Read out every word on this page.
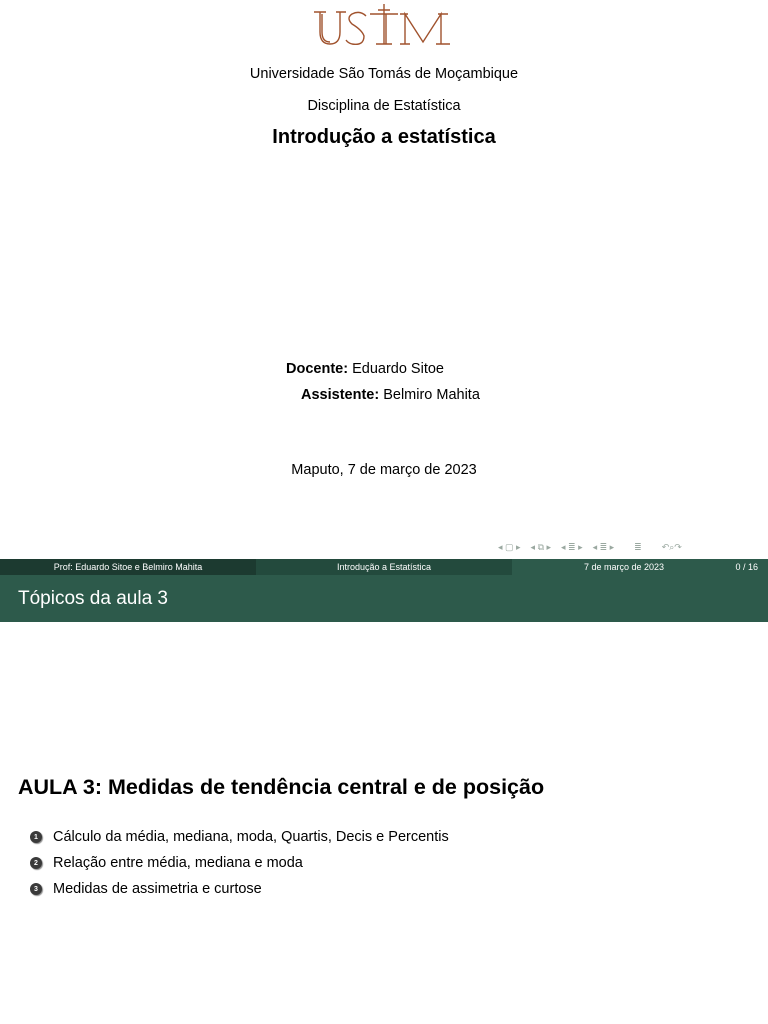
Universidade São Tomás de Moçambique
Disciplina de Estatística
Introdução a estatística
Docente: Eduardo Sitoe
Assistente: Belmiro Mahita
Maputo, 7 de março de 2023
◂ ▢ ▸ ◂ ⧉ ▸ ◂ ≣ ▸ ◂ ≣ ▸ ≣ ↶⌕↷
Prof: Eduardo Sitoe e Belmiro Mahita	Introdução a Estatística	7 de março de 2023	0 / 16
Tópicos da aula 3
AULA 3: Medidas de tendência central e de posição
1 Cálculo da média, mediana, moda, Quartis, Decis e Percentis
2 Relação entre média, mediana e moda
3 Medidas de assimetria e curtose
